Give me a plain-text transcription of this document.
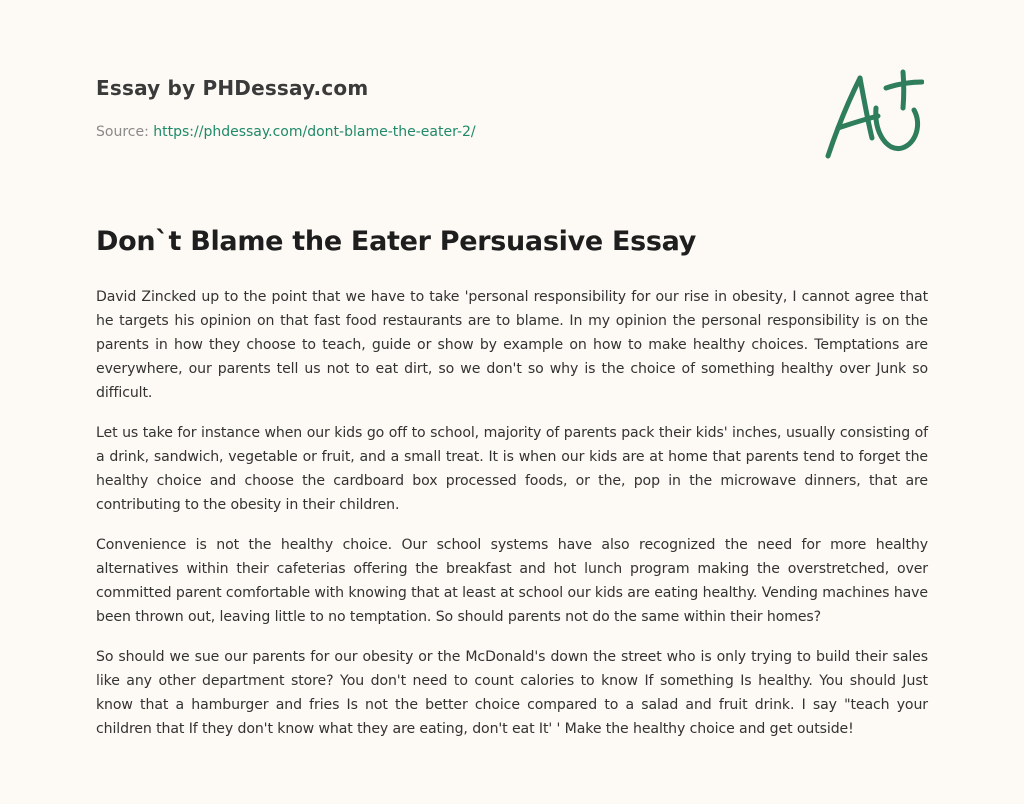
Essay by PHDessay.com
Source: https://phdessay.com/dont-blame-the-eater-2/
Don`t Blame the Eater Persuasive Essay

David Zincked up to the point that we have to take 'personal responsibility for our rise in obesity, I cannot agree that he targets his opinion on that fast food restaurants are to blame. In my opinion the personal responsibility is on the parents in how they choose to teach, guide or show by example on how to make healthy choices. Temptations are everywhere, our parents tell us not to eat dirt, so we don't so why is the choice of something healthy over Junk so difficult.

Let us take for instance when our kids go off to school, majority of parents pack their kids' inches, usually consisting of a drink, sandwich, vegetable or fruit, and a small treat. It is when our kids are at home that parents tend to forget the healthy choice and choose the cardboard box processed foods, or the, pop in the microwave dinners, that are contributing to the obesity in their children.

Convenience is not the healthy choice. Our school systems have also recognized the need for more healthy alternatives within their cafeterias offering the breakfast and hot lunch program making the overstretched, over committed parent comfortable with knowing that at least at school our kids are eating healthy. Vending machines have been thrown out, leaving little to no temptation. So should parents not do the same within their homes?

So should we sue our parents for our obesity or the McDonald's down the street who is only trying to build their sales like any other department store? You don't need to count calories to know If something Is healthy. You should Just know that a hamburger and fries Is not the better choice compared to a salad and fruit drink. I say "teach your children that If they don't know what they are eating, don't eat It' ' Make the healthy choice and get outside!
